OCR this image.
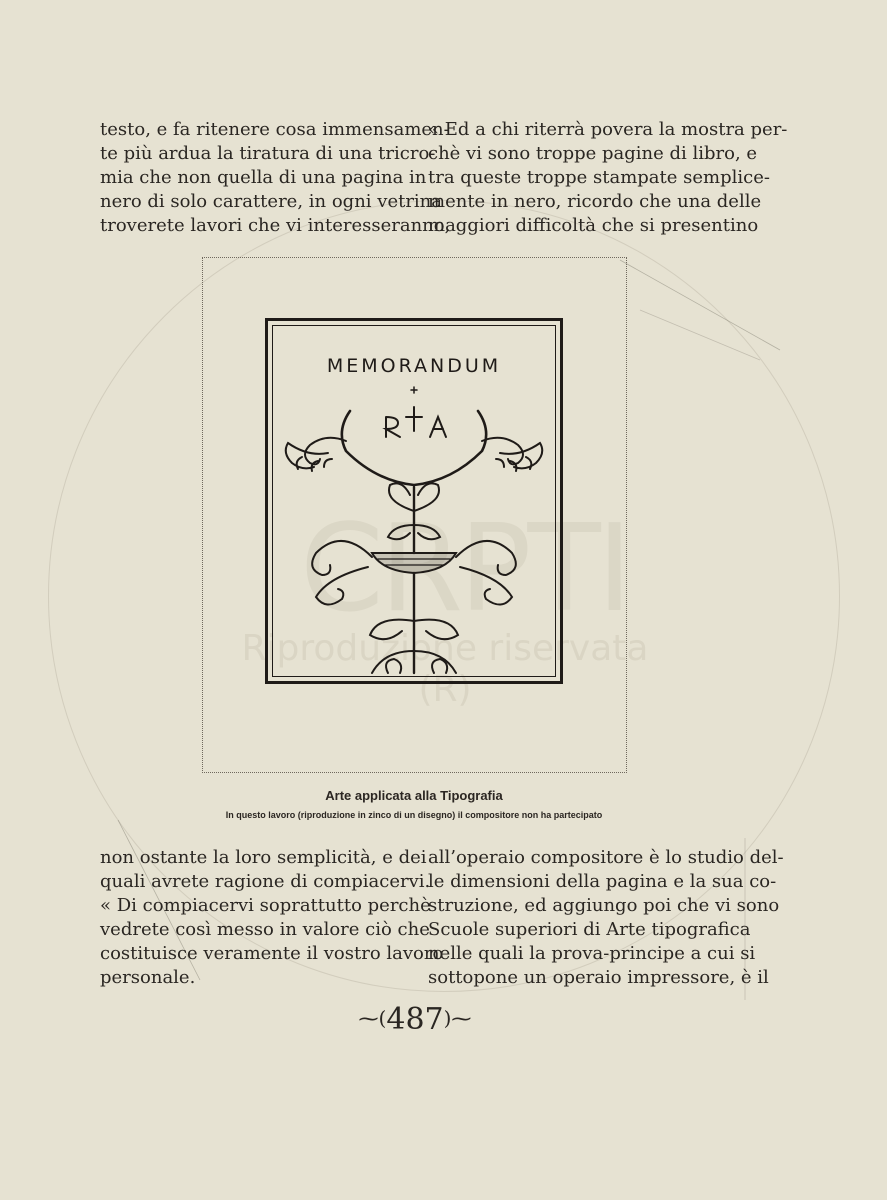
CRPTI
Riproduzione riservata (R)
testo, e fa ritenere cosa immensamen-
te più ardua la tiratura di una tricro-
mia che non quella di una pagina in
nero di solo carattere, in ogni vetrina
troverete lavori che vi interesseranno,
« Ed a chi riterrà povera la mostra per-
chè vi sono troppe pagine di libro, e
tra queste troppe stampate semplice-
mente in nero, ricordo che una delle
maggiori difficoltà che si presentino
MEMORANDUM
Arte applicata alla Tipografia
In questo lavoro (riproduzione in zinco di un disegno) il compositore non ha partecipato
non ostante la loro semplicità, e dei
quali avrete ragione di compiacervi.
« Di compiacervi soprattutto perchè
vedrete così messo in valore ciò che
costituisce veramente il vostro lavoro
personale.
all’operaio compositore è lo studio del-
le dimensioni della pagina e la sua co-
struzione, ed aggiungo poi che vi sono
Scuole superiori di Arte tipografica
nelle quali la prova-principe a cui si
sottopone un operaio impressore, è il
⁓(487)⁓
